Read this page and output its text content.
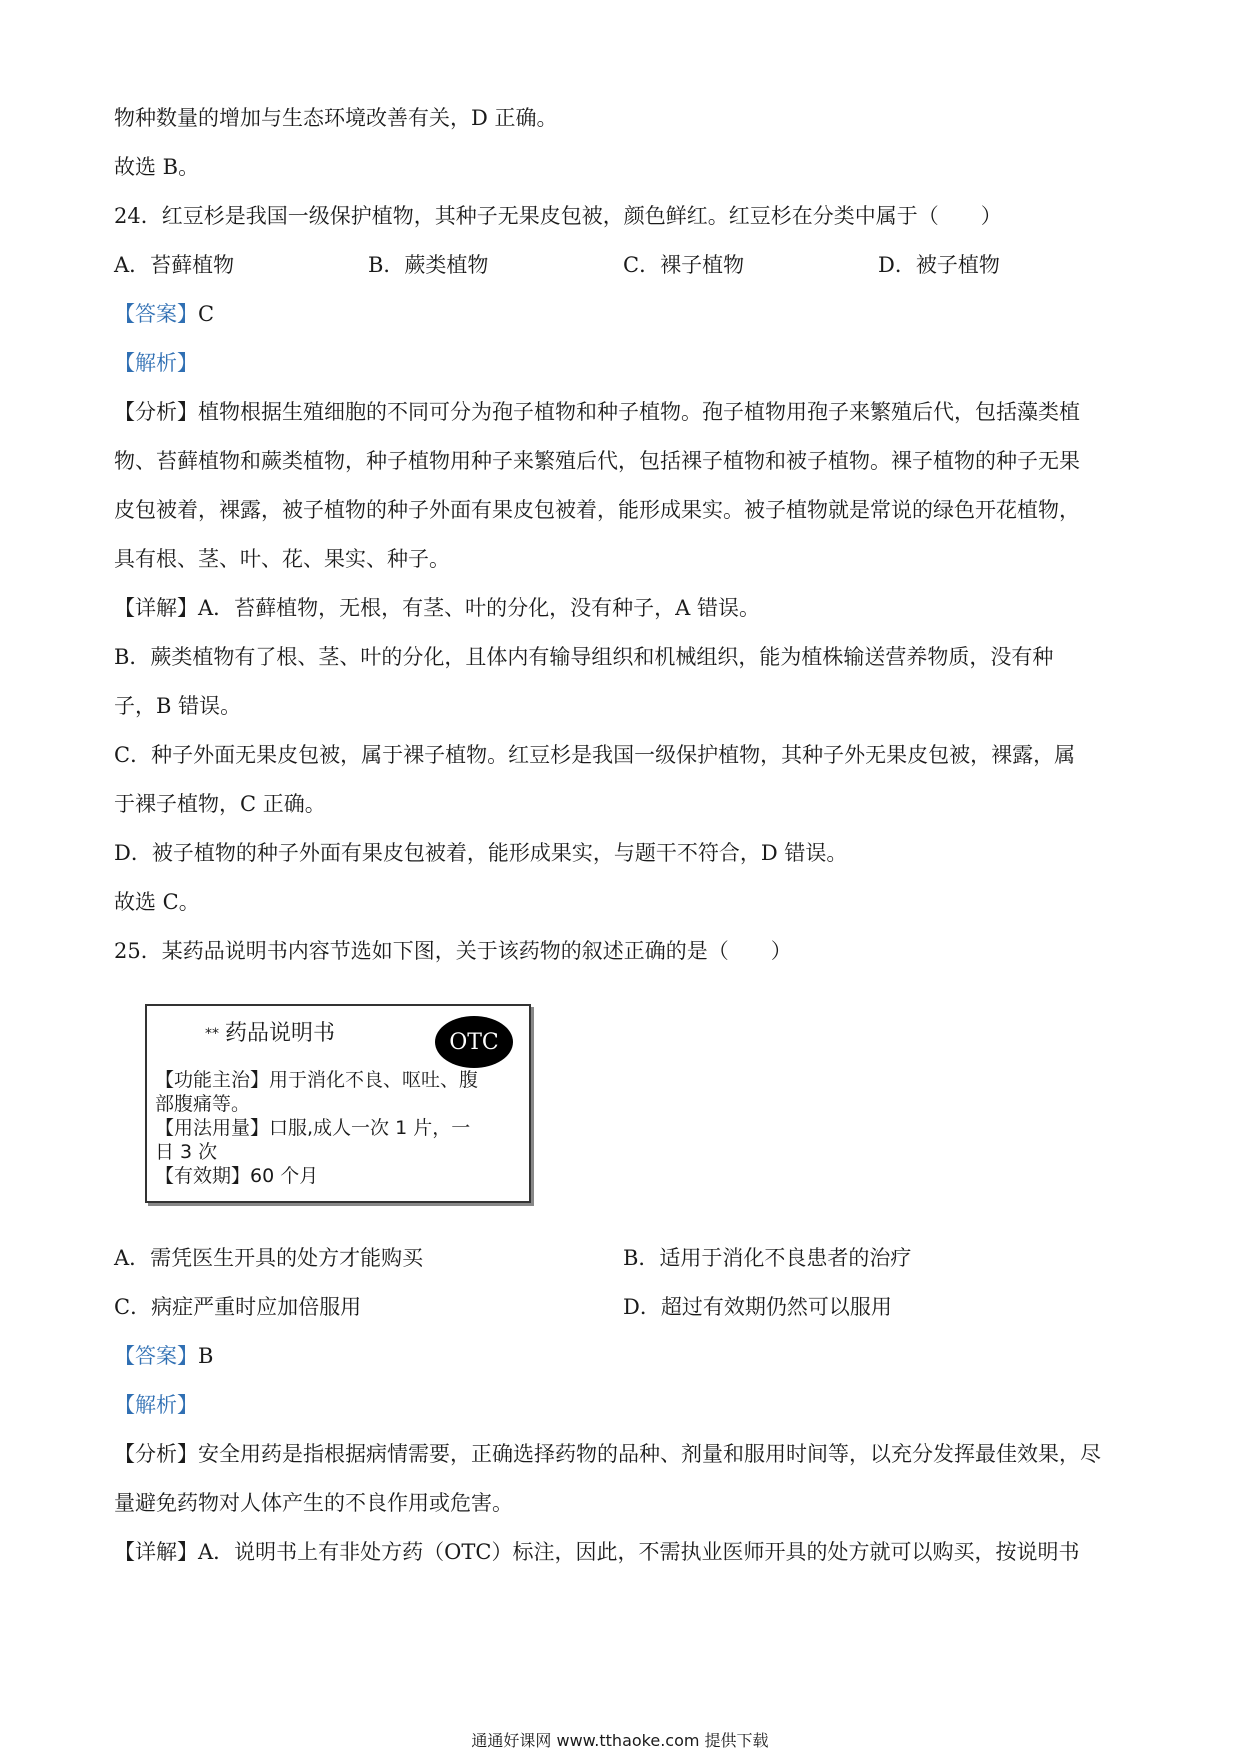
物种数量的增加与生态环境改善有关，D 正确。
故选 B。
24．红豆杉是我国一级保护植物，其种子无果皮包被，颜色鲜红。红豆杉在分类中属于（　　）
A．苔藓植物	B．蕨类植物	C．裸子植物	D．被子植物
【答案】C
【解析】
【分析】植物根据生殖细胞的不同可分为孢子植物和种子植物。孢子植物用孢子来繁殖后代，包括藻类植
物、苔藓植物和蕨类植物，种子植物用种子来繁殖后代，包括裸子植物和被子植物。裸子植物的种子无果
皮包被着，裸露，被子植物的种子外面有果皮包被着，能形成果实。被子植物就是常说的绿色开花植物，
具有根、茎、叶、花、果实、种子。
【详解】A．苔藓植物，无根，有茎、叶的分化，没有种子，A 错误。
B．蕨类植物有了根、茎、叶的分化，且体内有输导组织和机械组织，能为植株输送营养物质，没有种
子，B 错误。
C．种子外面无果皮包被，属于裸子植物。红豆杉是我国一级保护植物，其种子外无果皮包被，裸露，属
于裸子植物，C 正确。
D．被子植物的种子外面有果皮包被着，能形成果实，与题干不符合，D 错误。
故选 C。
25．某药品说明书内容节选如下图，关于该药物的叙述正确的是（　　）
** 药品说明书	OTC
【功能主治】用于消化不良、呕吐、腹
部腹痛等。
【用法用量】口服,成人一次 1 片，一
日 3 次
【有效期】60 个月
A．需凭医生开具的处方才能购买	B．适用于消化不良患者的治疗
C．病症严重时应加倍服用	D．超过有效期仍然可以服用
【答案】B
【解析】
【分析】安全用药是指根据病情需要，正确选择药物的品种、剂量和服用时间等，以充分发挥最佳效果，尽
量避免药物对人体产生的不良作用或危害。
【详解】A．说明书上有非处方药（OTC）标注，因此，不需执业医师开具的处方就可以购买，按说明书
通通好课网 www.tthaoke.com 提供下载
